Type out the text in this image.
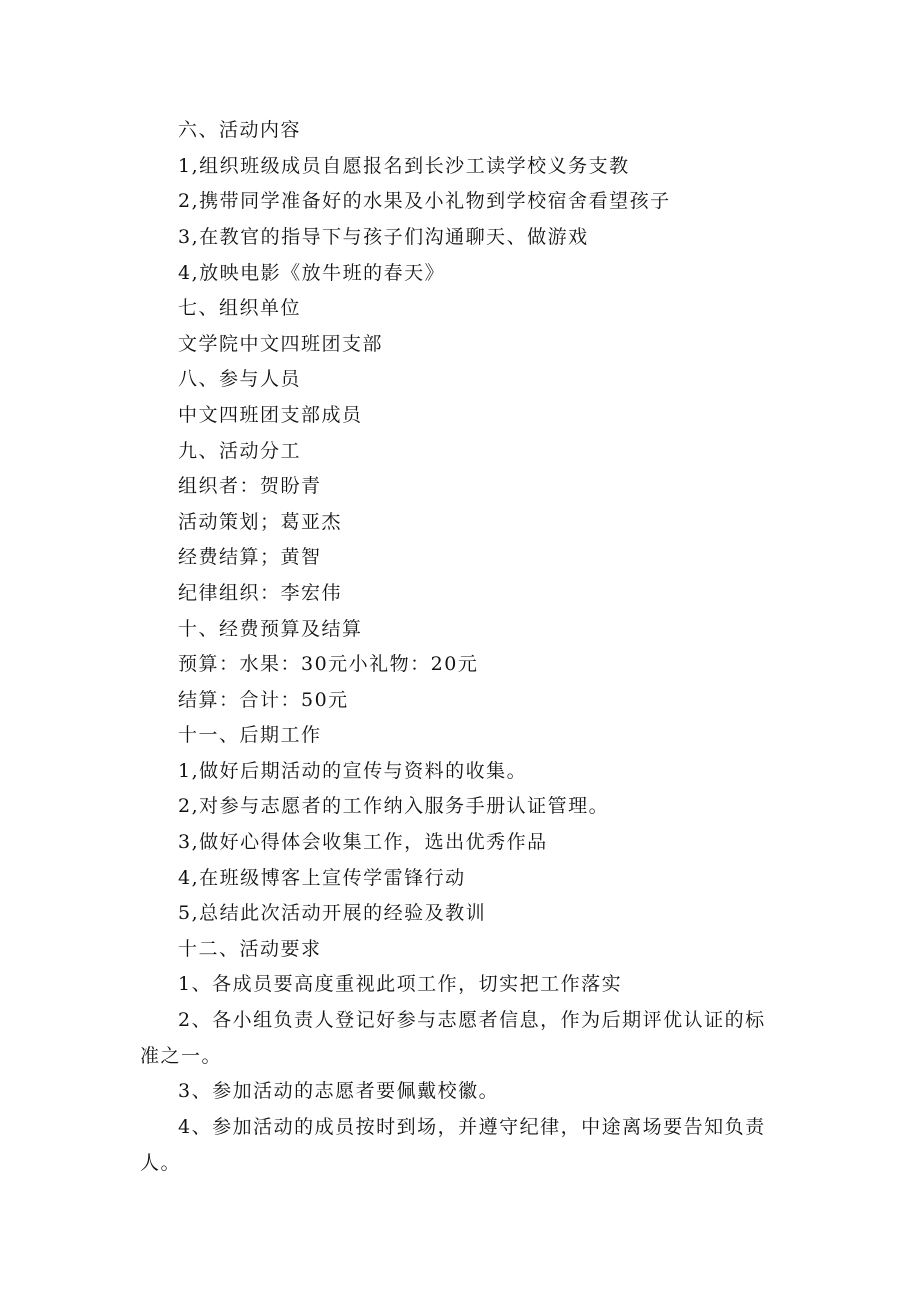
六、活动内容
1,组织班级成员自愿报名到长沙工读学校义务支教
2,携带同学准备好的水果及小礼物到学校宿舍看望孩子
3,在教官的指导下与孩子们沟通聊天、做游戏
4,放映电影《放牛班的春天》
七、组织单位
文学院中文四班团支部
八、参与人员
中文四班团支部成员
九、活动分工
组织者：贺盼青
活动策划；葛亚杰
经费结算；黄智
纪律组织：李宏伟
十、经费预算及结算
预算：水果：30元小礼物：20元
结算：合计：50元
十一、后期工作
1,做好后期活动的宣传与资料的收集。
2,对参与志愿者的工作纳入服务手册认证管理。
3,做好心得体会收集工作，选出优秀作品
4,在班级博客上宣传学雷锋行动
5,总结此次活动开展的经验及教训
十二、活动要求
1、各成员要高度重视此项工作，切实把工作落实
2、各小组负责人登记好参与志愿者信息，作为后期评优认证的标准之一。
3、参加活动的志愿者要佩戴校徽。
4、参加活动的成员按时到场，并遵守纪律，中途离场要告知负责人。
